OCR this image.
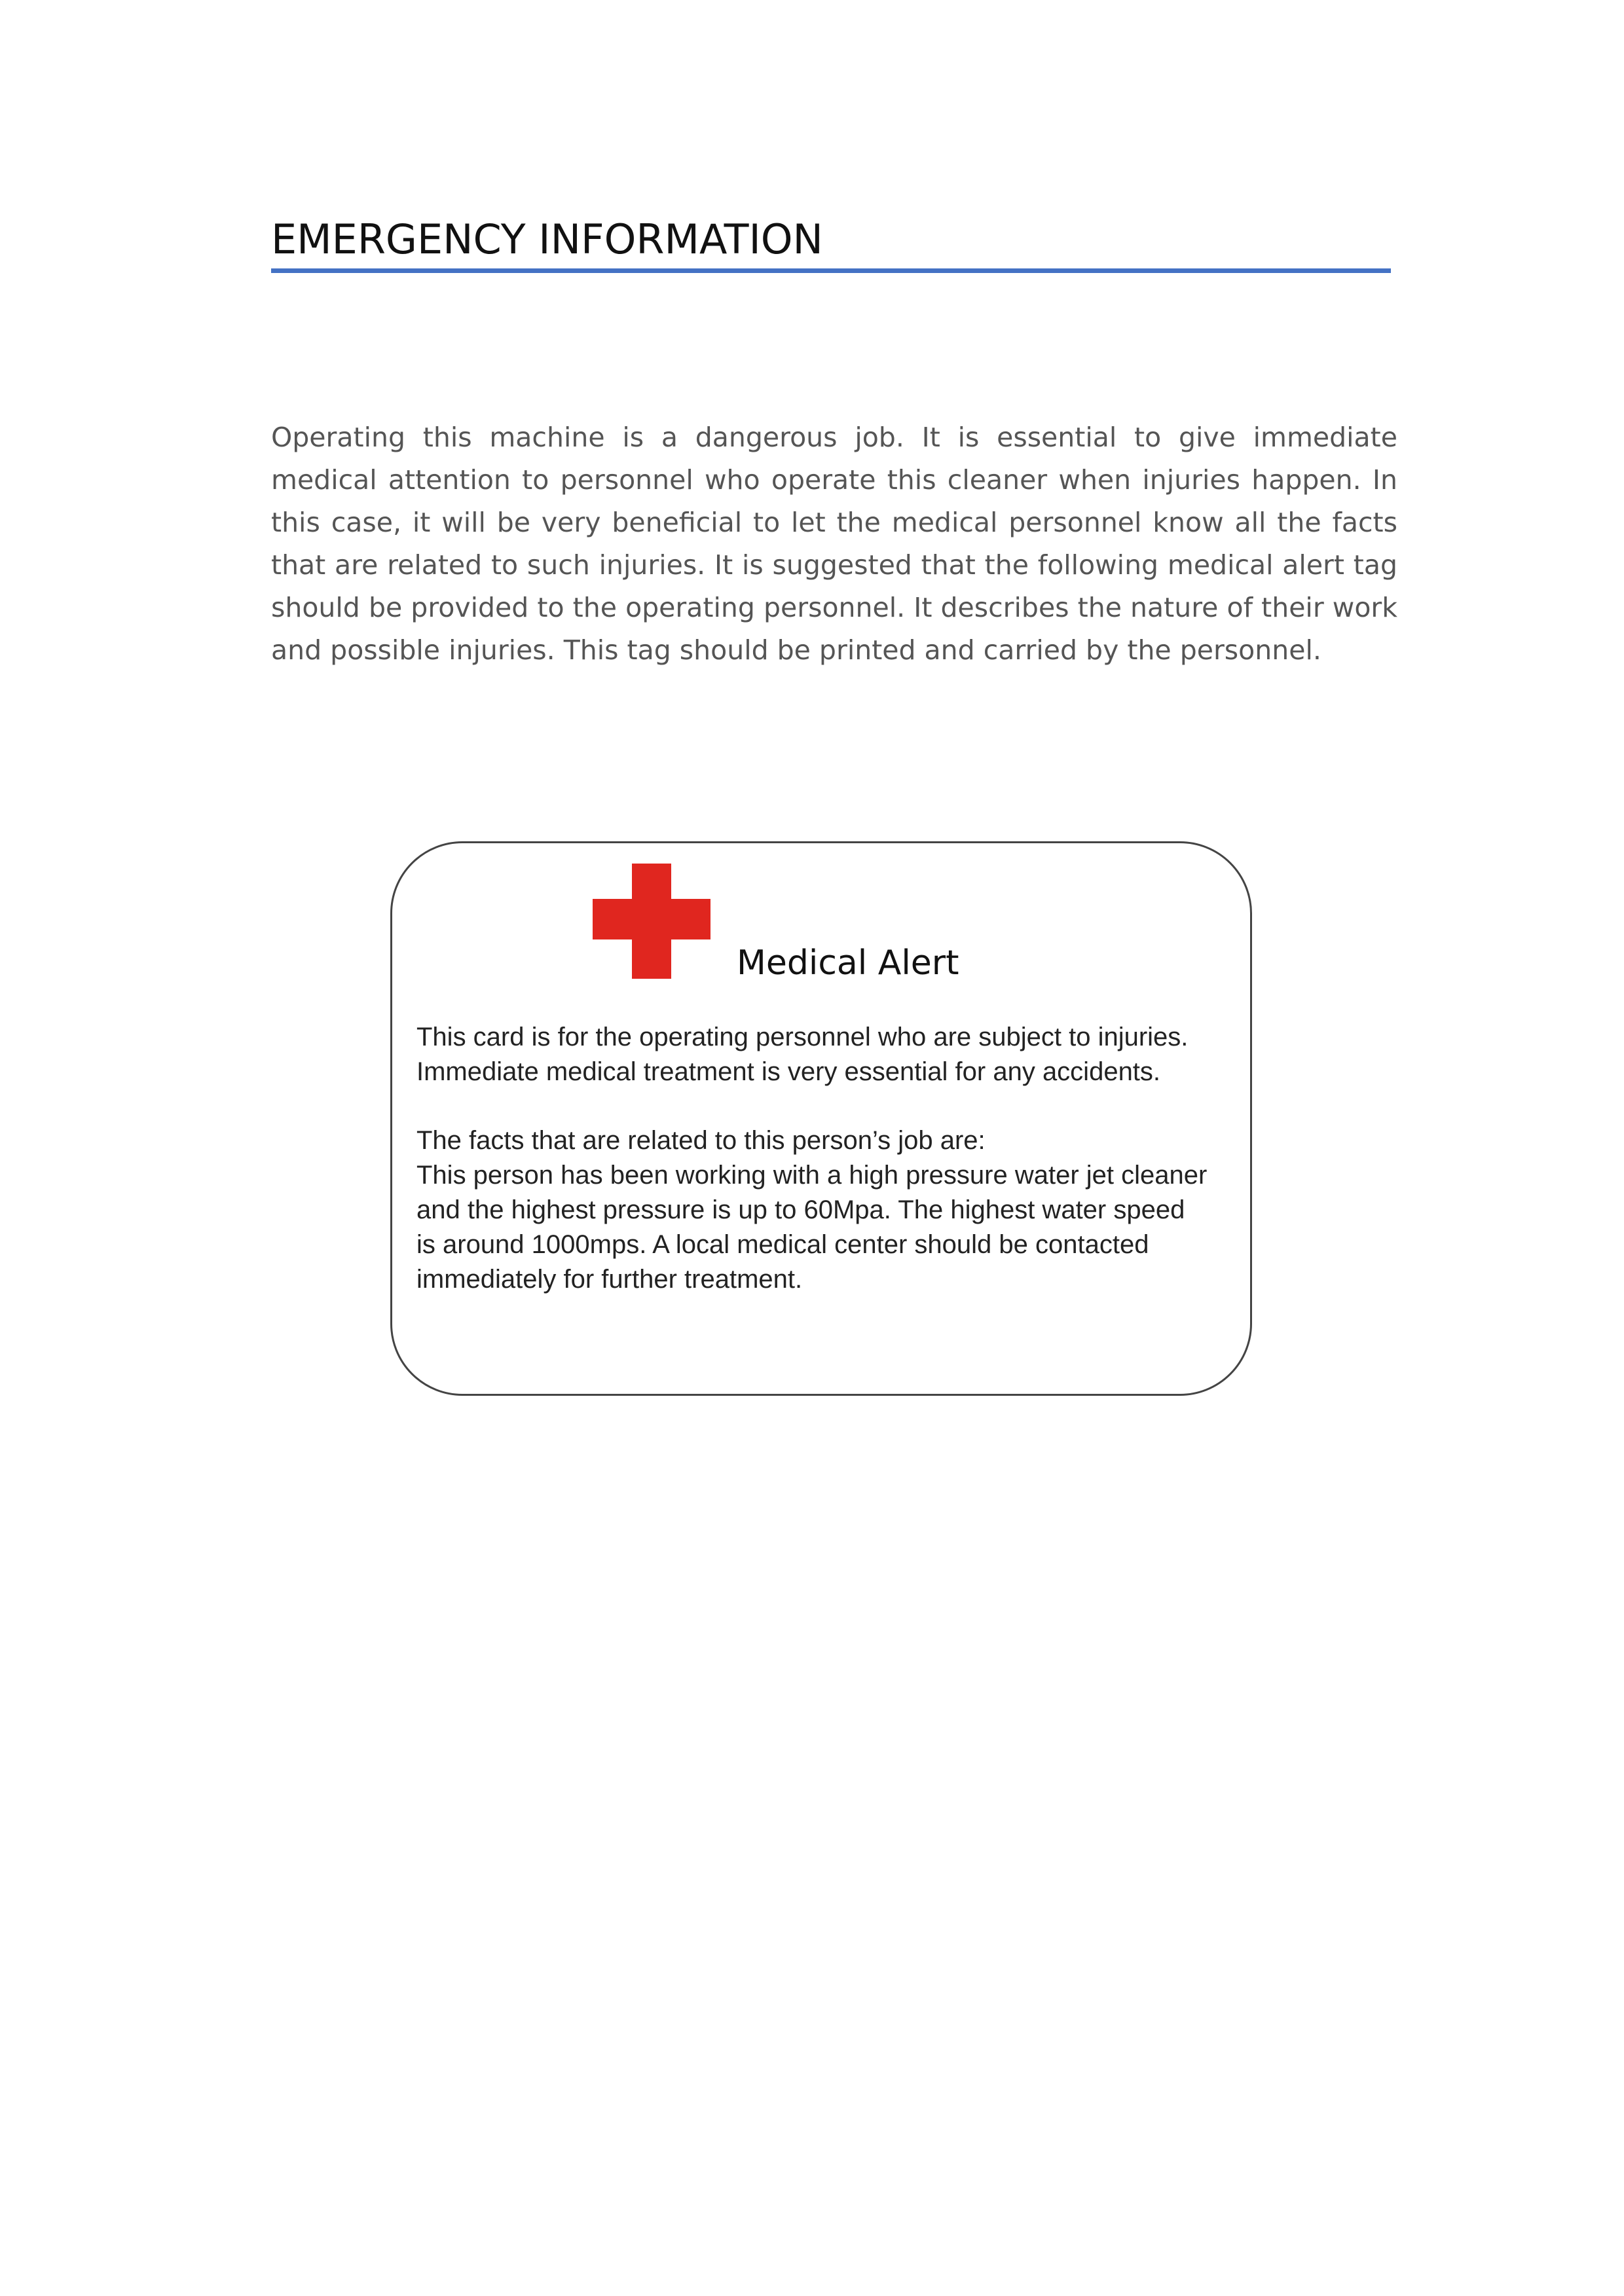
EMERGENCY INFORMATION

Operating this machine is a dangerous job. It is essential to give immediate medical attention to personnel who operate this cleaner when injuries happen. In this case, it will be very beneficial to let the medical personnel know all the facts that are related to such injuries. It is suggested that the following medical alert tag should be provided to the operating personnel. It describes the nature of their work and possible injuries. This tag should be printed and carried by the personnel.

Medical Alert

This card is for the operating personnel who are subject to injuries.
Immediate medical treatment is very essential for any accidents.

The facts that are related to this person’s job are:
This person has been working with a high pressure water jet cleaner
and the highest pressure is up to 60Mpa. The highest water speed
is around 1000mps. A local medical center should be contacted
immediately for further treatment.
